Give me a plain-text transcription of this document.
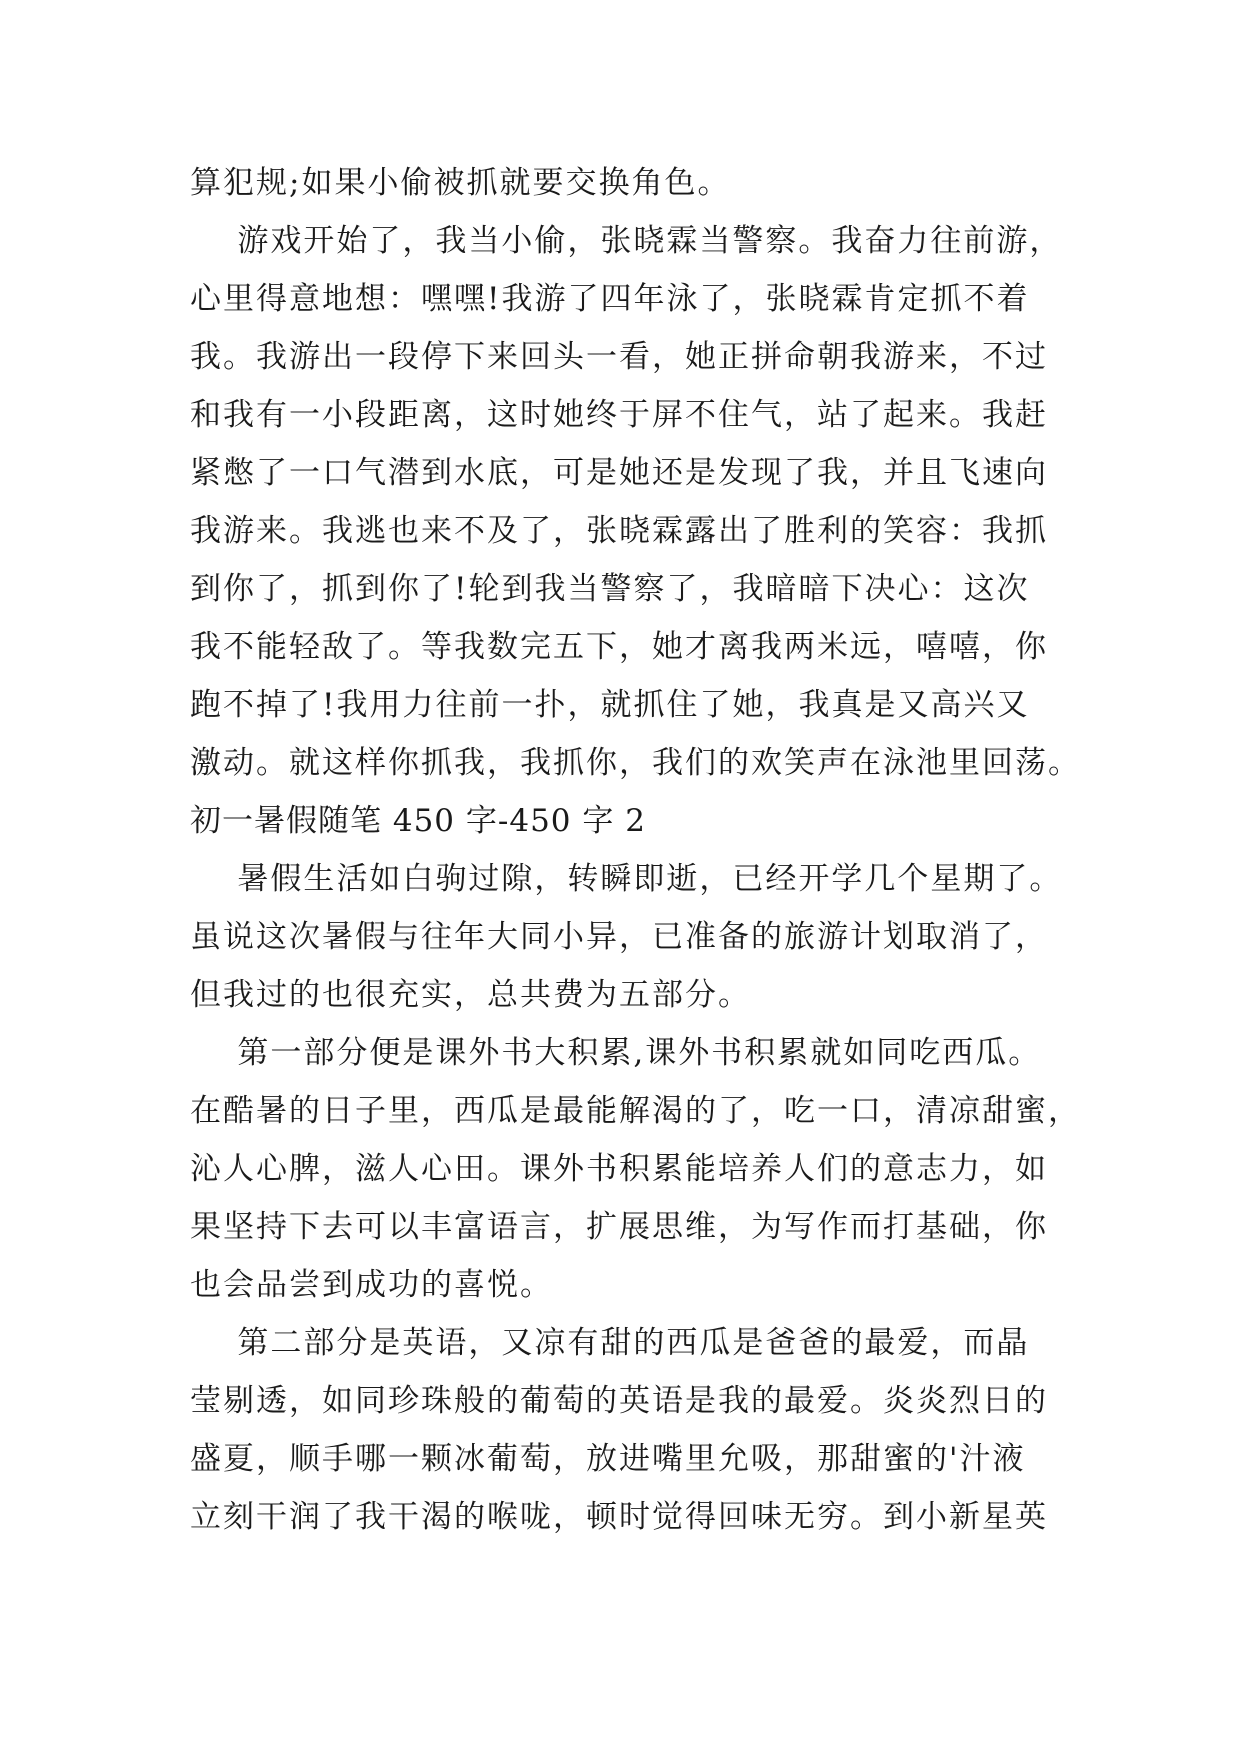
算犯规;如果小偷被抓就要交换角色。
游戏开始了，我当小偷，张晓霖当警察。我奋力往前游，
心里得意地想：嘿嘿!我游了四年泳了，张晓霖肯定抓不着
我。我游出一段停下来回头一看，她正拼命朝我游来，不过
和我有一小段距离，这时她终于屏不住气，站了起来。我赶
紧憋了一口气潜到水底，可是她还是发现了我，并且飞速向
我游来。我逃也来不及了，张晓霖露出了胜利的笑容：我抓
到你了，抓到你了!轮到我当警察了，我暗暗下决心：这次
我不能轻敌了。等我数完五下，她才离我两米远，嘻嘻，你
跑不掉了!我用力往前一扑，就抓住了她，我真是又高兴又
激动。就这样你抓我，我抓你，我们的欢笑声在泳池里回荡。
初一暑假随笔 450 字-450 字 2
暑假生活如白驹过隙，转瞬即逝，已经开学几个星期了。
虽说这次暑假与往年大同小异，已准备的旅游计划取消了，
但我过的也很充实，总共费为五部分。
第一部分便是课外书大积累,课外书积累就如同吃西瓜。
在酷暑的日子里，西瓜是最能解渴的了，吃一口，清凉甜蜜，
沁人心脾，滋人心田。课外书积累能培养人们的意志力，如
果坚持下去可以丰富语言，扩展思维，为写作而打基础，你
也会品尝到成功的喜悦。
第二部分是英语，又凉有甜的西瓜是爸爸的最爱，而晶
莹剔透，如同珍珠般的葡萄的英语是我的最爱。炎炎烈日的
盛夏，顺手哪一颗冰葡萄，放进嘴里允吸，那甜蜜的'汁液
立刻干润了我干渴的喉咙，顿时觉得回味无穷。到小新星英
